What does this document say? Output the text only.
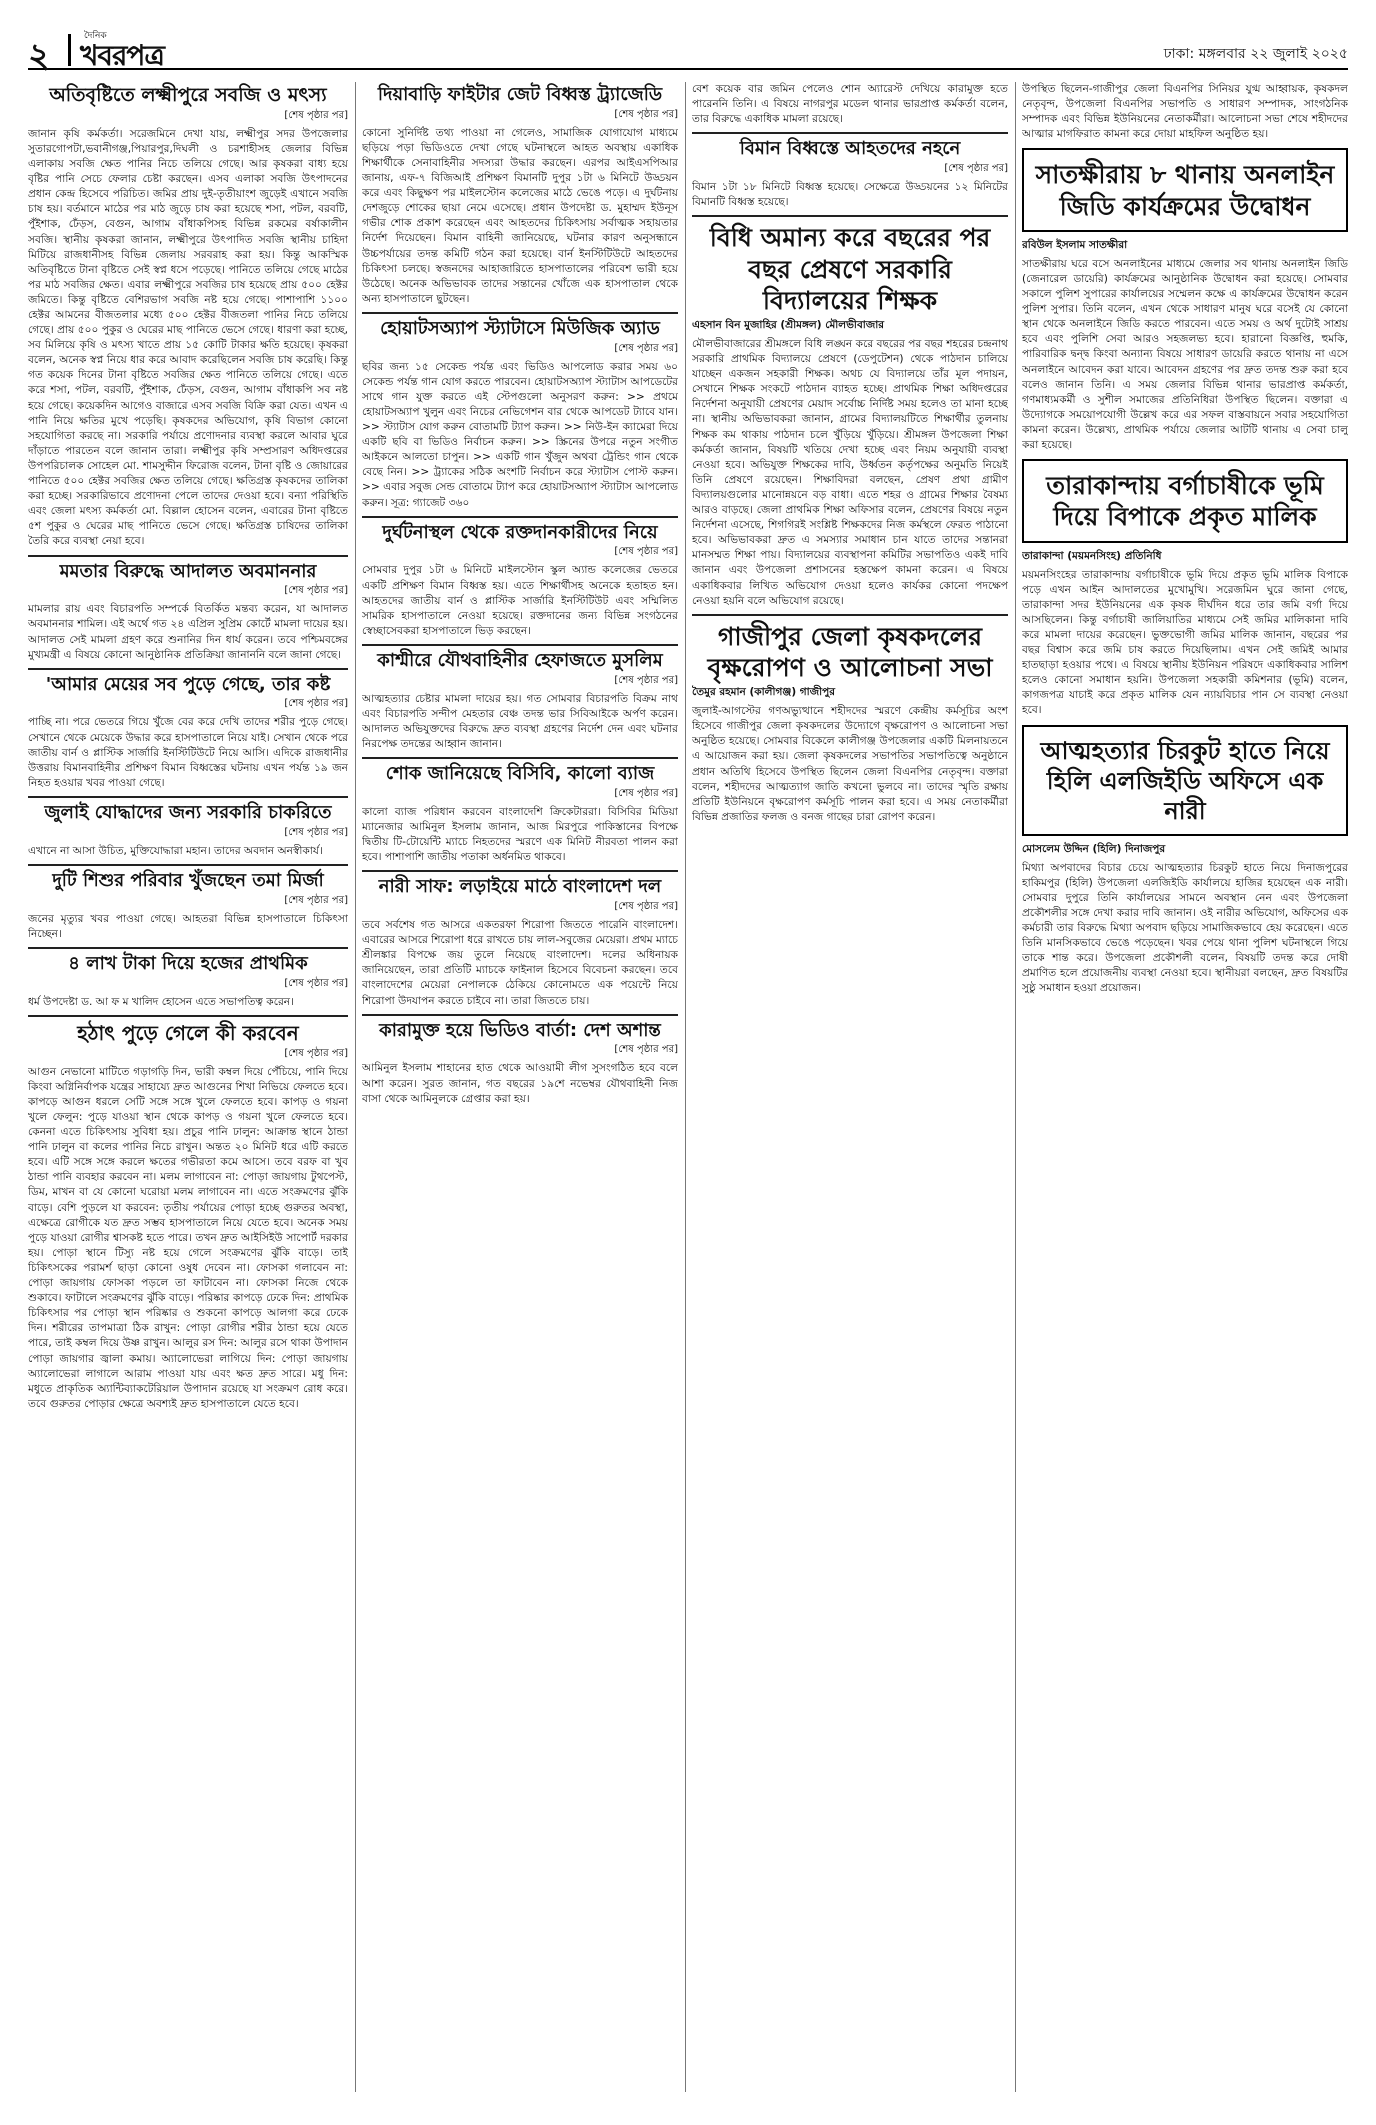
২	দৈনিক
খবরপত্র	ঢাকা: মঙ্গলবার ২২ জুলাই ২০২৫
অতিবৃষ্টিতে লক্ষ্মীপুরে সবজি ও মৎস্য
[শেষ পৃষ্ঠার পর]
জানান কৃষি কর্মকর্তা। সরেজমিনে দেখা যায়, লক্ষ্মীপুর সদর উপজেলার সুতারগোপটা,ভবানীগঞ্জ,পিয়ারপুর,দিঘলী ও চরশাহীসহ জেলার বিভিন্ন এলাকায় সবজি ক্ষেত পানির নিচে তলিয়ে গেছে। আর কৃষকরা বাধ্য হয়ে বৃষ্টির পানি সেচে ফেলার চেষ্টা করছেন। এসব এলাকা সবজি উৎপাদনের প্রধান কেন্দ্র হিসেবে পরিচিত। জমির প্রায় দুই-তৃতীয়াংশ জুড়েই এখানে সবজি চাষ হয়। বর্তমানে মাঠের পর মাঠ জুড়ে চাষ করা হয়েছে শসা, পটল, বরবটি, পুঁইশাক, ঢেঁড়স, বেগুন, আগাম বাঁধাকপিসহ বিভিন্ন রকমের বর্ষাকালীন সবজি। স্থানীয় কৃষকরা জানান, লক্ষ্মীপুরে উৎপাদিত সবজি স্থানীয় চাহিদা মিটিয়ে রাজধানীসহ বিভিন্ন জেলায় সরবরাহ করা হয়। কিন্তু আকস্মিক অতিবৃষ্টিতে টানা বৃষ্টিতে সেই স্বপ্ন ধসে পড়েছে। পানিতে তলিয়ে গেছে মাঠের পর মাঠ সবজির ক্ষেত। এবার লক্ষ্মীপুরে সবজির চাষ হয়েছে প্রায় ৫০০ হেক্টর জমিতে। কিন্তু বৃষ্টিতে বেশিরভাগ সবজি নষ্ট হয়ে গেছে। পাশাপাশি ১১০০ হেক্টর আমনের বীজতলার মধ্যে ৫০০ হেক্টর বীজতলা পানির নিচে তলিয়ে গেছে। প্রায় ৫০০ পুকুর ও ঘেরের মাছ পানিতে ভেসে গেছে। ধারণা করা হচ্ছে, সব মিলিয়ে কৃষি ও মৎস্য খাতে প্রায় ১৫ কোটি টাকার ক্ষতি হয়েছে। কৃষকরা বলেন, অনেক স্বপ্ন নিয়ে ধার করে আবাদ করেছিলেন সবজি চাষ করেছি। কিন্তু গত কয়েক দিনের টানা বৃষ্টিতে সবজির ক্ষেত পানিতে তলিয়ে গেছে। এতে করে শসা, পটল, বরবটি, পুঁইশাক, ঢেঁড়স, বেগুন, আগাম বাঁধাকপি সব নষ্ট হয়ে গেছে। কয়েকদিন আগেও বাজারে এসব সবজি বিক্রি করা যেত। এখন এ পানি নিয়ে ক্ষতির মুখে পড়েছি। কৃষকদের অভিযোগ, কৃষি বিভাগ কোনো সহযোগিতা করছে না। সরকারি পর্যায়ে প্রণোদনার ব্যবস্থা করলে আবার ঘুরে দাঁড়াতে পারতেন বলে জানান তারা। লক্ষ্মীপুর কৃষি সম্প্রসারণ অধিদপ্তরের উপপরিচালক সোহেল মো. শামসুদ্দীন ফিরোজ বলেন, টানা বৃষ্টি ও জোয়ারের পানিতে ৫০০ হেক্টর সবজির ক্ষেত তলিয়ে গেছে। ক্ষতিগ্রস্ত কৃষকদের তালিকা করা হচ্ছে। সরকারিভাবে প্রণোদনা পেলে তাদের দেওয়া হবে। বন্যা পরিস্থিতি এবং জেলা মৎস্য কর্মকর্তা মো. বিল্লাল হোসেন বলেন, এবারের টানা বৃষ্টিতে ৫শ পুকুর ও ঘেরের মাছ পানিতে ভেসে গেছে। ক্ষতিগ্রস্ত চাষিদের তালিকা তৈরি করে ব্যবস্থা নেয়া হবে।
মমতার বিরুদ্ধে আদালত অবমাননার
[শেষ পৃষ্ঠার পর]
মামলার রায় এবং বিচারপতি সম্পর্কে বিতর্কিত মন্তব্য করেন, যা আদালত অবমাননার শামিল। এই অর্থে গত ২৪ এপ্রিল সুপ্রিম কোর্টে মামলা দায়ের হয়। আদালত সেই মামলা গ্রহণ করে শুনানির দিন ধার্য করেন। তবে পশ্চিমবঙ্গের মুখ্যমন্ত্রী এ বিষয়ে কোনো আনুষ্ঠানিক প্রতিক্রিয়া জানাননি বলে জানা গেছে।
'আমার মেয়ের সব পুড়ে গেছে, তার কষ্ট
[শেষ পৃষ্ঠার পর]
পাচ্ছি না। পরে ভেতরে গিয়ে খুঁজে বের করে দেখি তাদের শরীর পুড়ে গেছে। সেখানে থেকে মেয়েকে উদ্ধার করে হাসপাতালে নিয়ে যাই। সেখান থেকে পরে জাতীয় বার্ন ও প্লাস্টিক সার্জারি ইনস্টিটিউটে নিয়ে আসি। এদিকে রাজধানীর উত্তরায় বিমানবাহিনীর প্রশিক্ষণ বিমান বিধ্বস্তের ঘটনায় এখন পর্যন্ত ১৯ জন নিহত হওয়ার খবর পাওয়া গেছে।
জুলাই যোদ্ধাদের জন্য সরকারি চাকরিতে
[শেষ পৃষ্ঠার পর]
এখানে না আসা উচিত, মুক্তিযোদ্ধারা মহান। তাদের অবদান অনস্বীকার্য।
দুটি শিশুর পরিবার খুঁজছেন তমা মির্জা
[শেষ পৃষ্ঠার পর]
জনের মৃত্যুর খবর পাওয়া গেছে। আহতরা বিভিন্ন হাসপাতালে চিকিৎসা নিচ্ছেন।
৪ লাখ টাকা দিয়ে হজের প্রাথমিক
[শেষ পৃষ্ঠার পর]
ধর্ম উপদেষ্টা ড. আ ফ ম খালিদ হোসেন এতে সভাপতিত্ব করেন।
হঠাৎ পুড়ে গেলে কী করবেন
[শেষ পৃষ্ঠার পর]
আগুন নেভানো মাটিতে গড়াগড়ি দিন, ভারী কম্বল দিয়ে পেঁচিয়ে, পানি দিয়ে কিংবা অগ্নিনির্বাপক যন্ত্রের সাহায্যে দ্রুত আগুনের শিখা নিভিয়ে ফেলতে হবে। কাপড়ে আগুন ধরলে সেটি সঙ্গে সঙ্গে খুলে ফেলতে হবে। কাপড় ও গয়না খুলে ফেলুন: পুড়ে যাওয়া স্থান থেকে কাপড় ও গয়না খুলে ফেলতে হবে। কেননা এতে চিকিৎসায় সুবিধা হয়। প্রচুর পানি ঢালুন: আক্রান্ত স্থানে ঠান্ডা পানি ঢালুন বা কলের পানির নিচে রাখুন। অন্তত ২০ মিনিট ধরে এটি করতে হবে। এটি সঙ্গে সঙ্গে করলে ক্ষতের গভীরতা কমে আসে। তবে বরফ বা খুব ঠান্ডা পানি ব্যবহার করবেন না। মলম লাগাবেন না: পোড়া জায়গায় টুথপেস্ট, ডিম, মাখন বা যে কোনো ঘরোয়া মলম লাগাবেন না। এতে সংক্রমণের ঝুঁকি বাড়ে। বেশি পুড়লে যা করবেন: তৃতীয় পর্যায়ের পোড়া হচ্ছে গুরুতর অবস্থা, এক্ষেত্রে রোগীকে যত দ্রুত সম্ভব হাসপাতালে নিয়ে যেতে হবে। অনেক সময় পুড়ে যাওয়া রোগীর শ্বাসকষ্ট হতে পারে। তখন দ্রুত আইসিইউ সাপোর্ট দরকার হয়। পোড়া স্থানে টিস্যু নষ্ট হয়ে গেলে সংক্রমণের ঝুঁকি বাড়ে। তাই চিকিৎসকের পরামর্শ ছাড়া কোনো ওষুধ দেবেন না। ফোসকা গলাবেন না: পোড়া জায়গায় ফোসকা পড়লে তা ফাটাবেন না। ফোসকা নিজে থেকে শুকাবে। ফাটালে সংক্রমণের ঝুঁকি বাড়ে। পরিষ্কার কাপড়ে ঢেকে দিন: প্রাথমিক চিকিৎসার পর পোড়া স্থান পরিষ্কার ও শুকনো কাপড়ে আলগা করে ঢেকে দিন। শরীরের তাপমাত্রা ঠিক রাখুন: পোড়া রোগীর শরীর ঠান্ডা হয়ে যেতে পারে, তাই কম্বল দিয়ে উষ্ণ রাখুন। আলুর রস দিন: আলুর রসে থাকা উপাদান পোড়া জায়গার জ্বালা কমায়। অ্যালোভেরা লাগিয়ে দিন: পোড়া জায়গায় অ্যালোভেরা লাগালে আরাম পাওয়া যায় এবং ক্ষত দ্রুত সারে। মধু দিন: মধুতে প্রাকৃতিক অ্যান্টিব্যাকটেরিয়াল উপাদান রয়েছে যা সংক্রমণ রোধ করে। তবে গুরুতর পোড়ার ক্ষেত্রে অবশ্যই দ্রুত হাসপাতালে যেতে হবে।
দিয়াবাড়ি ফাইটার জেট বিধ্বস্ত ট্র্যাজেডি
[শেষ পৃষ্ঠার পর]
কোনো সুনির্দিষ্ট তথ্য পাওয়া না গেলেও, সামাজিক যোগাযোগ মাধ্যমে ছড়িয়ে পড়া ভিডিওতে দেখা গেছে ঘটনাস্থলে আহত অবস্থায় একাধিক শিক্ষার্থীকে সেনাবাহিনীর সদস্যরা উদ্ধার করছেন। এরপর আইএসপিআর জানায়, এফ-৭ বিজিআই প্রশিক্ষণ বিমানটি দুপুর ১টা ৬ মিনিটে উড্ডয়ন করে এবং কিছুক্ষণ পর মাইলস্টোন কলেজের মাঠে ভেঙে পড়ে। এ দুর্ঘটনায় দেশজুড়ে শোকের ছায়া নেমে এসেছে। প্রধান উপদেষ্টা ড. মুহাম্মদ ইউনূস গভীর শোক প্রকাশ করেছেন এবং আহতদের চিকিৎসায় সর্বাত্মক সহায়তার নির্দেশ দিয়েছেন। বিমান বাহিনী জানিয়েছে, ঘটনার কারণ অনুসন্ধানে উচ্চপর্যায়ের তদন্ত কমিটি গঠন করা হয়েছে। বার্ন ইনস্টিটিউটে আহতদের চিকিৎসা চলছে। স্বজনদের আহাজারিতে হাসপাতালের পরিবেশ ভারী হয়ে উঠেছে। অনেক অভিভাবক তাদের সন্তানের খোঁজে এক হাসপাতাল থেকে অন্য হাসপাতালে ছুটছেন।
হোয়াটসঅ্যাপ স্ট্যাটাসে মিউজিক অ্যাড
[শেষ পৃষ্ঠার পর]
ছবির জন্য ১৫ সেকেন্ড পর্যন্ত এবং ভিডিও আপলোড করার সময় ৬০ সেকেন্ড পর্যন্ত গান যোগ করতে পারবেন। হোয়াটসঅ্যাপ স্ট্যাটাস আপডেটের সাথে গান যুক্ত করতে এই স্টেপগুলো অনুসরণ করুন: >> প্রথমে হোয়াটসঅ্যাপ খুলুন এবং নিচের নেভিগেশন বার থেকে আপডেট ট্যাবে যান। >> স্ট্যাটাস যোগ করুন বোতামটি ট্যাপ করুন। >> নিউ-ইন ক্যামেরা দিয়ে একটি ছবি বা ভিডিও নির্বাচন করুন। >> স্ক্রিনের উপরে নতুন সংগীত আইকনে আলতো চাপুন। >> একটি গান খুঁজুন অথবা ট্রেন্ডিং গান থেকে বেছে নিন। >> ট্র্যাকের সঠিক অংশটি নির্বাচন করে স্ট্যাটাস পোস্ট করুন। >> এবার সবুজ সেন্ড বোতামে ট্যাপ করে হোয়াটসঅ্যাপ স্ট্যাটাস আপলোড করুন। সূত্র: গ্যাজেট ৩৬০
দুর্ঘটনাস্থল থেকে রক্তদানকারীদের নিয়ে
[শেষ পৃষ্ঠার পর]
সোমবার দুপুর ১টা ৬ মিনিটে মাইলস্টোন স্কুল অ্যান্ড কলেজের ভেতরে একটি প্রশিক্ষণ বিমান বিধ্বস্ত হয়। এতে শিক্ষার্থীসহ অনেকে হতাহত হন। আহতদের জাতীয় বার্ন ও প্লাস্টিক সার্জারি ইনস্টিটিউট এবং সম্মিলিত সামরিক হাসপাতালে নেওয়া হয়েছে। রক্তদানের জন্য বিভিন্ন সংগঠনের স্বেচ্ছাসেবকরা হাসপাতালে ভিড় করছেন।
কাশ্মীরে যৌথবাহিনীর হেফাজতে মুসলিম
[শেষ পৃষ্ঠার পর]
আত্মহত্যার চেষ্টার মামলা দায়ের হয়। গত সোমবার বিচারপতি বিক্রম নাথ এবং বিচারপতি সন্দীপ মেহতার বেঞ্চ তদন্ত ভার সিবিআইকে অর্পণ করেন। আদালত অভিযুক্তদের বিরুদ্ধে দ্রুত ব্যবস্থা গ্রহণের নির্দেশ দেন এবং ঘটনার নিরপেক্ষ তদন্তের আহ্বান জানান।
শোক জানিয়েছে বিসিবি, কালো ব্যাজ
[শেষ পৃষ্ঠার পর]
কালো ব্যাজ পরিধান করবেন বাংলাদেশি ক্রিকেটাররা। বিসিবির মিডিয়া ম্যানেজার আমিনুল ইসলাম জানান, আজ মিরপুরে পাকিস্তানের বিপক্ষে দ্বিতীয় টি-টোয়েন্টি ম্যাচে নিহতদের স্মরণে এক মিনিট নীরবতা পালন করা হবে। পাশাপাশি জাতীয় পতাকা অর্ধনমিত থাকবে।
নারী সাফ: লড়াইয়ে মাঠে বাংলাদেশ দল
[শেষ পৃষ্ঠার পর]
তবে সর্বশেষ গত আসরে একতরফা শিরোপা জিততে পারেনি বাংলাদেশ। এবারের আসরে শিরোপা ধরে রাখতে চায় লাল-সবুজের মেয়েরা। প্রথম ম্যাচে শ্রীলঙ্কার বিপক্ষে জয় তুলে নিয়েছে বাংলাদেশ। দলের অধিনায়ক জানিয়েছেন, তারা প্রতিটি ম্যাচকে ফাইনাল হিসেবে বিবেচনা করছেন। তবে বাংলাদেশের মেয়েরা নেপালকে ঠেকিয়ে কোনোমতে এক পয়েন্টে নিয়ে শিরোপা উদযাপন করতে চাইবে না। তারা জিততে চায়।
কারামুক্ত হয়ে ভিডিও বার্তা: দেশ অশান্ত
[শেষ পৃষ্ঠার পর]
আমিনুল ইসলাম শাহানের হাত থেকে আওয়ামী লীগ সুসংগঠিত হবে বলে আশা করেন। সুরত জানান, গত বছরের ১৯শে নভেম্বর যৌথবাহিনী নিজ বাসা থেকে আমিনুলকে গ্রেপ্তার করা হয়।
বেশ কয়েক বার জমিন পেলেও শোন অ্যারেস্ট দেখিয়ে কারামুক্ত হতে পারেননি তিনি। এ বিষয়ে নাগরপুর মডেল থানার ভারপ্রাপ্ত কর্মকর্তা বলেন, তার বিরুদ্ধে একাধিক মামলা রয়েছে।
বিমান বিধ্বস্তে আহতদের নহনে
[শেষ পৃষ্ঠার পর]
বিমান ১টা ১৮ মিনিটে বিধ্বস্ত হয়েছে। সেক্ষেত্রে উড্ডয়নের ১২ মিনিটের বিমানটি বিধ্বস্ত হয়েছে।
বিধি অমান্য করে বছরের পর বছর প্রেষণে সরকারি বিদ্যালয়ের শিক্ষক
এহসান বিন মুজাহির (শ্রীমঙ্গল) মৌলভীবাজার
মৌলভীবাজারের শ্রীমঙ্গলে বিধি লঙ্ঘন করে বছরের পর বছর শহরের চন্দ্রনাথ সরকারি প্রাথমিক বিদ্যালয়ে প্রেষণে (ডেপুটেশন) থেকে পাঠদান চালিয়ে যাচ্ছেন একজন সহকারী শিক্ষক। অথচ যে বিদ্যালয়ে তাঁর মূল পদায়ন, সেখানে শিক্ষক সংকটে পাঠদান ব্যাহত হচ্ছে। প্রাথমিক শিক্ষা অধিদপ্তরের নির্দেশনা অনুযায়ী প্রেষণের মেয়াদ সর্বোচ্চ নির্দিষ্ট সময় হলেও তা মানা হচ্ছে না। স্থানীয় অভিভাবকরা জানান, গ্রামের বিদ্যালয়টিতে শিক্ষার্থীর তুলনায় শিক্ষক কম থাকায় পাঠদান চলে খুঁড়িয়ে খুঁড়িয়ে। শ্রীমঙ্গল উপজেলা শিক্ষা কর্মকর্তা জানান, বিষয়টি খতিয়ে দেখা হচ্ছে এবং নিয়ম অনুযায়ী ব্যবস্থা নেওয়া হবে। অভিযুক্ত শিক্ষকের দাবি, উর্ধ্বতন কর্তৃপক্ষের অনুমতি নিয়েই তিনি প্রেষণে রয়েছেন। শিক্ষাবিদরা বলছেন, প্রেষণ প্রথা গ্রামীণ বিদ্যালয়গুলোর মানোন্নয়নে বড় বাধা। এতে শহর ও গ্রামের শিক্ষার বৈষম্য আরও বাড়ছে। জেলা প্রাথমিক শিক্ষা অফিসার বলেন, প্রেষণের বিষয়ে নতুন নির্দেশনা এসেছে, শিগগিরই সংশ্লিষ্ট শিক্ষকদের নিজ কর্মস্থলে ফেরত পাঠানো হবে। অভিভাবকরা দ্রুত এ সমস্যার সমাধান চান যাতে তাদের সন্তানরা মানসম্মত শিক্ষা পায়। বিদ্যালয়ের ব্যবস্থাপনা কমিটির সভাপতিও একই দাবি জানান এবং উপজেলা প্রশাসনের হস্তক্ষেপ কামনা করেন। এ বিষয়ে একাধিকবার লিখিত অভিযোগ দেওয়া হলেও কার্যকর কোনো পদক্ষেপ নেওয়া হয়নি বলে অভিযোগ রয়েছে।
গাজীপুর জেলা কৃষকদলের বৃক্ষরোপণ ও আলোচনা সভা
তৈমুর রহমান (কালীগঞ্জ) গাজীপুর
জুলাই-আগস্টের গণঅভ্যুত্থানে শহীদদের স্মরণে কেন্দ্রীয় কর্মসূচির অংশ হিসেবে গাজীপুর জেলা কৃষকদলের উদ্যোগে বৃক্ষরোপণ ও আলোচনা সভা অনুষ্ঠিত হয়েছে। সোমবার বিকেলে কালীগঞ্জ উপজেলার একটি মিলনায়তনে এ আয়োজন করা হয়। জেলা কৃষকদলের সভাপতির সভাপতিত্বে অনুষ্ঠানে প্রধান অতিথি হিসেবে উপস্থিত ছিলেন জেলা বিএনপির নেতৃবৃন্দ। বক্তারা বলেন, শহীদদের আত্মত্যাগ জাতি কখনো ভুলবে না। তাদের স্মৃতি রক্ষায় প্রতিটি ইউনিয়নে বৃক্ষরোপণ কর্মসূচি পালন করা হবে। এ সময় নেতাকর্মীরা বিভিন্ন প্রজাতির ফলজ ও বনজ গাছের চারা রোপণ করেন।
উপস্থিত ছিলেন-গাজীপুর জেলা বিএনপির সিনিয়র যুগ্ম আহ্বায়ক, কৃষকদল নেতৃবৃন্দ, উপজেলা বিএনপির সভাপতি ও সাধারণ সম্পাদক, সাংগঠনিক সম্পাদক এবং বিভিন্ন ইউনিয়নের নেতাকর্মীরা। আলোচনা সভা শেষে শহীদদের আত্মার মাগফিরাত কামনা করে দোয়া মাহফিল অনুষ্ঠিত হয়।
সাতক্ষীরায় ৮ থানায় অনলাইন জিডি কার্যক্রমের উদ্বোধন
রবিউল ইসলাম সাতক্ষীরা
সাতক্ষীরায় ঘরে বসে অনলাইনের মাধ্যমে জেলার সব থানায় অনলাইন জিডি (জেনারেল ডায়েরি) কার্যক্রমের আনুষ্ঠানিক উদ্বোধন করা হয়েছে। সোমবার সকালে পুলিশ সুপারের কার্যালয়ের সম্মেলন কক্ষে এ কার্যক্রমের উদ্বোধন করেন পুলিশ সুপার। তিনি বলেন, এখন থেকে সাধারণ মানুষ ঘরে বসেই যে কোনো স্থান থেকে অনলাইনে জিডি করতে পারবেন। এতে সময় ও অর্থ দুটোই সাশ্রয় হবে এবং পুলিশি সেবা আরও সহজলভ্য হবে। হারানো বিজ্ঞপ্তি, হুমকি, পারিবারিক দ্বন্দ্ব কিংবা অন্যান্য বিষয়ে সাধারণ ডায়েরি করতে থানায় না এসে অনলাইনে আবেদন করা যাবে। আবেদন গ্রহণের পর দ্রুত তদন্ত শুরু করা হবে বলেও জানান তিনি। এ সময় জেলার বিভিন্ন থানার ভারপ্রাপ্ত কর্মকর্তা, গণমাধ্যমকর্মী ও সুশীল সমাজের প্রতিনিধিরা উপস্থিত ছিলেন। বক্তারা এ উদ্যোগকে সময়োপযোগী উল্লেখ করে এর সফল বাস্তবায়নে সবার সহযোগিতা কামনা করেন। উল্লেখ্য, প্রাথমিক পর্যায়ে জেলার আটটি থানায় এ সেবা চালু করা হয়েছে।
তারাকান্দায় বর্গাচাষীকে ভূমি দিয়ে বিপাকে প্রকৃত মালিক
তারাকান্দা (ময়মনসিংহ) প্রতিনিধি
ময়মনসিংহের তারাকান্দায় বর্গাচাষীকে ভূমি দিয়ে প্রকৃত ভূমি মালিক বিপাকে পড়ে এখন আইন আদালতের মুখোমুখি। সরেজমিন ঘুরে জানা গেছে, তারাকান্দা সদর ইউনিয়নের এক কৃষক দীর্ঘদিন ধরে তার জমি বর্গা দিয়ে আসছিলেন। কিন্তু বর্গাচাষী জালিয়াতির মাধ্যমে সেই জমির মালিকানা দাবি করে মামলা দায়ের করেছেন। ভুক্তভোগী জমির মালিক জানান, বছরের পর বছর বিশ্বাস করে জমি চাষ করতে দিয়েছিলাম। এখন সেই জমিই আমার হাতছাড়া হওয়ার পথে। এ বিষয়ে স্থানীয় ইউনিয়ন পরিষদে একাধিকবার সালিশ হলেও কোনো সমাধান হয়নি। উপজেলা সহকারী কমিশনার (ভূমি) বলেন, কাগজপত্র যাচাই করে প্রকৃত মালিক যেন ন্যায়বিচার পান সে ব্যবস্থা নেওয়া হবে।
আত্মহত্যার চিরকুট হাতে নিয়ে হিলি এলজিইডি অফিসে এক নারী
মোসলেম উদ্দিন (হিলি) দিনাজপুর
মিথ্যা অপবাদের বিচার চেয়ে আত্মহত্যার চিরকুট হাতে নিয়ে দিনাজপুরের হাকিমপুর (হিলি) উপজেলা এলজিইডি কার্যালয়ে হাজির হয়েছেন এক নারী। সোমবার দুপুরে তিনি কার্যালয়ের সামনে অবস্থান নেন এবং উপজেলা প্রকৌশলীর সঙ্গে দেখা করার দাবি জানান। ওই নারীর অভিযোগ, অফিসের এক কর্মচারী তার বিরুদ্ধে মিথ্যা অপবাদ ছড়িয়ে সামাজিকভাবে হেয় করেছেন। এতে তিনি মানসিকভাবে ভেঙে পড়েছেন। খবর পেয়ে থানা পুলিশ ঘটনাস্থলে গিয়ে তাকে শান্ত করে। উপজেলা প্রকৌশলী বলেন, বিষয়টি তদন্ত করে দোষী প্রমাণিত হলে প্রয়োজনীয় ব্যবস্থা নেওয়া হবে। স্থানীয়রা বলছেন, দ্রুত বিষয়টির সুষ্ঠু সমাধান হওয়া প্রয়োজন।
